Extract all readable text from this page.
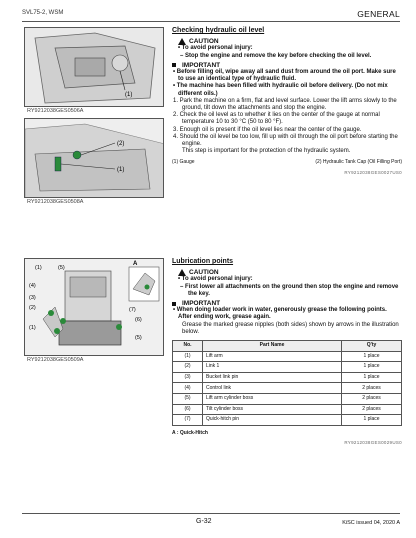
SVL75-2, WSM	GENERAL
(1)
RY9212038GES0506A
(2)
(1)
RY9212038GES0508A
(1)	(5)
(4)
(3)
(2)
(1)
(7)
(6)
(5)
A
RY9212038GES0509A
Checking hydraulic oil level
CAUTION
• To avoid personal injury:
– Stop the engine and remove the key before checking the oil level.
IMPORTANT
• Before filling oil, wipe away all sand dust from around the oil port. Make sure to use an identical type of hydraulic fluid.
• The machine has been filled with hydraulic oil before delivery. (Do not mix different oils.)
1. Park the machine on a firm, flat and level surface. Lower the lift arms slowly to the ground, tilt down the attachments and stop the engine.
2. Check the oil level as to whether it lies on the center of the gauge at normal temperature 10 to 30 °C (50 to 80 °F).
3. Enough oil is present if the oil level lies near the center of the gauge.
4. Should the oil level be too low, fill up with oil through the oil port before starting the engine.
This step is important for the protection of the hydraulic system.
(1) Gauge	(2) Hydraulic Tank Cap (Oil Filling Port)
RY9212038GES0027US0
Lubrication points
CAUTION
• To avoid personal injury:
– First lower all attachments on the ground then stop the engine and remove the key.
IMPORTANT
• When doing loader work in water, generously grease the following points. After ending work, grease again.
Grease the marked grease nipples (both sides) shown by arrows in the illustration below.
No.	Part Name	Q'ty
(1)	Lift arm	1 place
(2)	Link 1	1 place
(3)	Bucket link pin	1 place
(4)	Control link	2 places
(5)	Lift arm cylinder boss	2 places
(6)	Tilt cylinder boss	2 places
(7)	Quick-hitch pin	1 place
A : Quick-Hitch
RY9212038GES0029US0
G-32	KiSC issued 04, 2020 A
